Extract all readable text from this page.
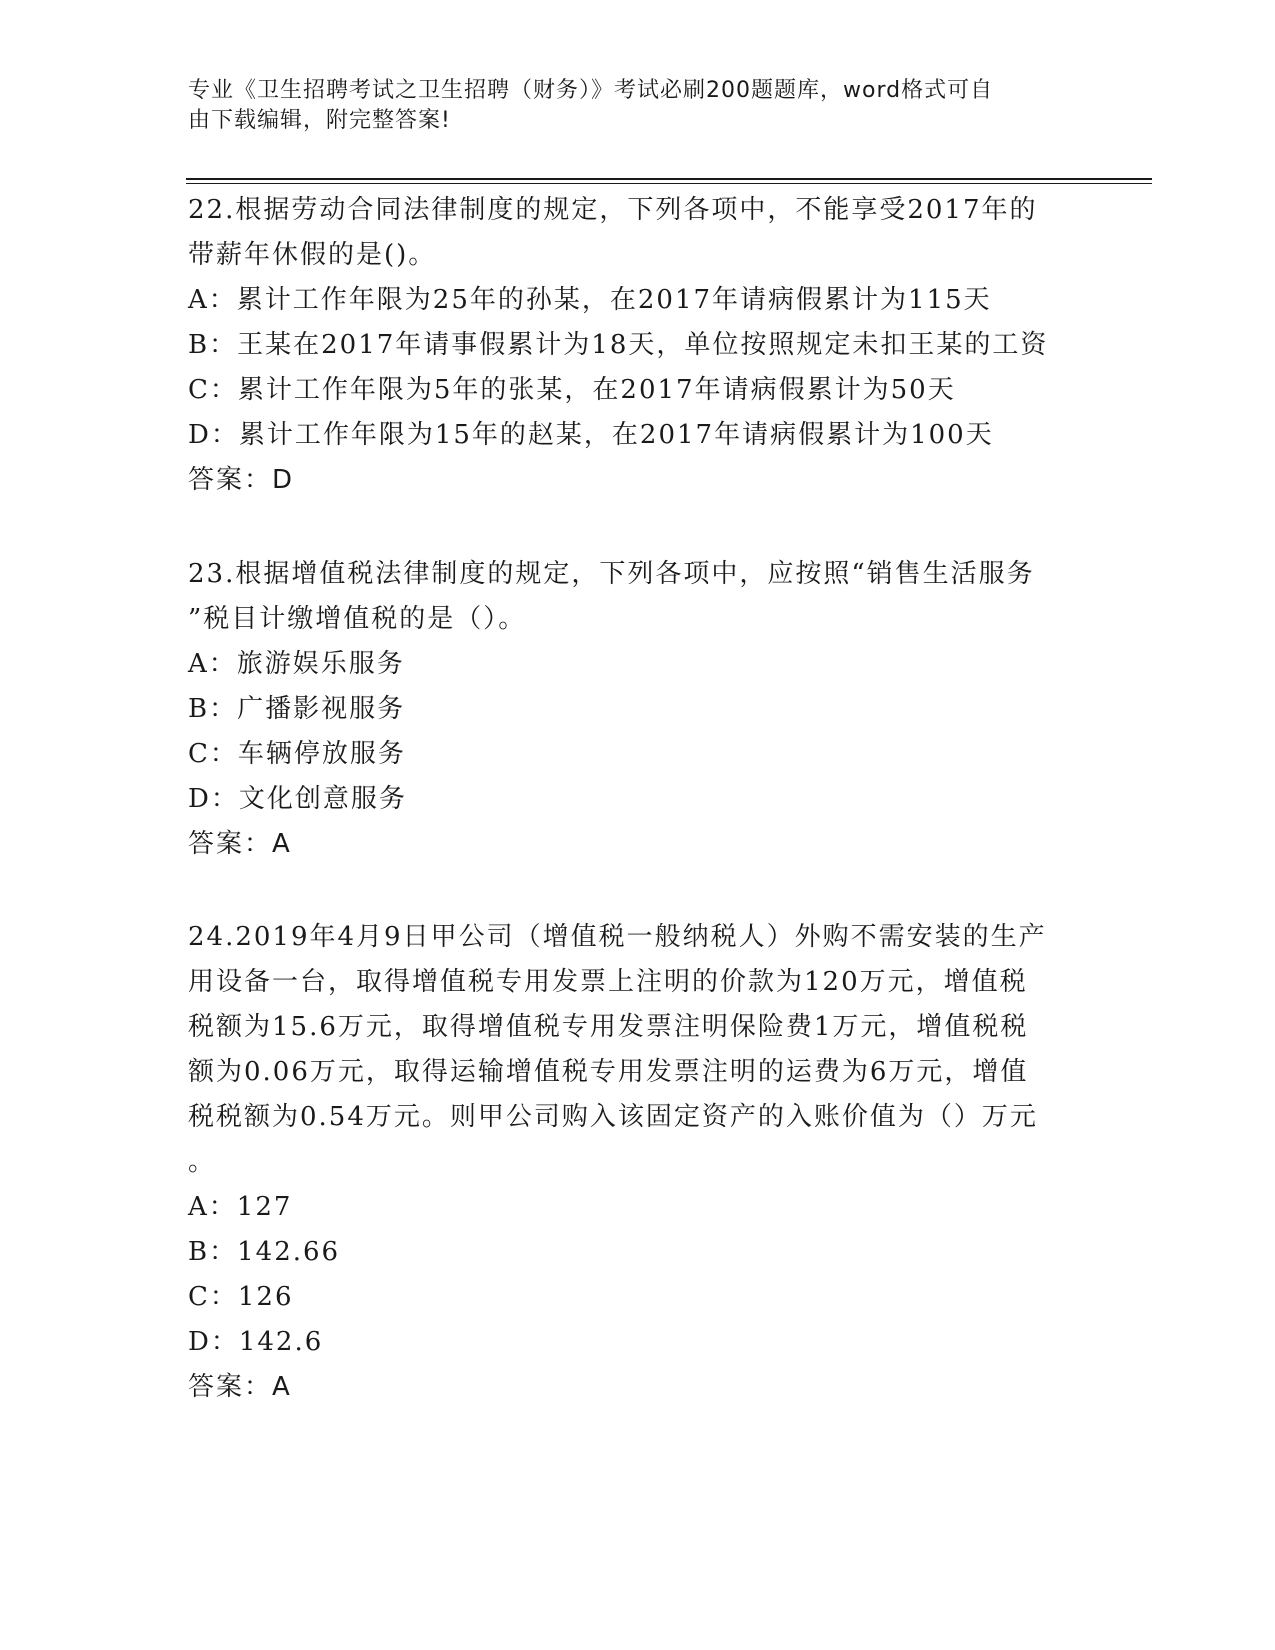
专业《卫生招聘考试之卫生招聘（财务）》考试必刷200题题库，word格式可自
由下载编辑，附完整答案!
22.根据劳动合同法律制度的规定，下列各项中，不能享受2017年的
带薪年休假的是()。
A：累计工作年限为25年的孙某，在2017年请病假累计为115天
B：王某在2017年请事假累计为18天，单位按照规定未扣王某的工资
C：累计工作年限为5年的张某，在2017年请病假累计为50天
D：累计工作年限为15年的赵某，在2017年请病假累计为100天
答案：D
23.根据增值税法律制度的规定，下列各项中，应按照“销售生活服务
”税目计缴增值税的是（）。
A：旅游娱乐服务
B：广播影视服务
C：车辆停放服务
D：文化创意服务
答案：A
24.2019年4月9日甲公司（增值税一般纳税人）外购不需安装的生产
用设备一台，取得增值税专用发票上注明的价款为120万元，增值税
税额为15.6万元，取得增值税专用发票注明保险费1万元，增值税税
额为0.06万元，取得运输增值税专用发票注明的运费为6万元，增值
税税额为0.54万元。则甲公司购入该固定资产的入账价值为（）万元
。
A：127
B：142.66
C：126
D：142.6
答案：A
